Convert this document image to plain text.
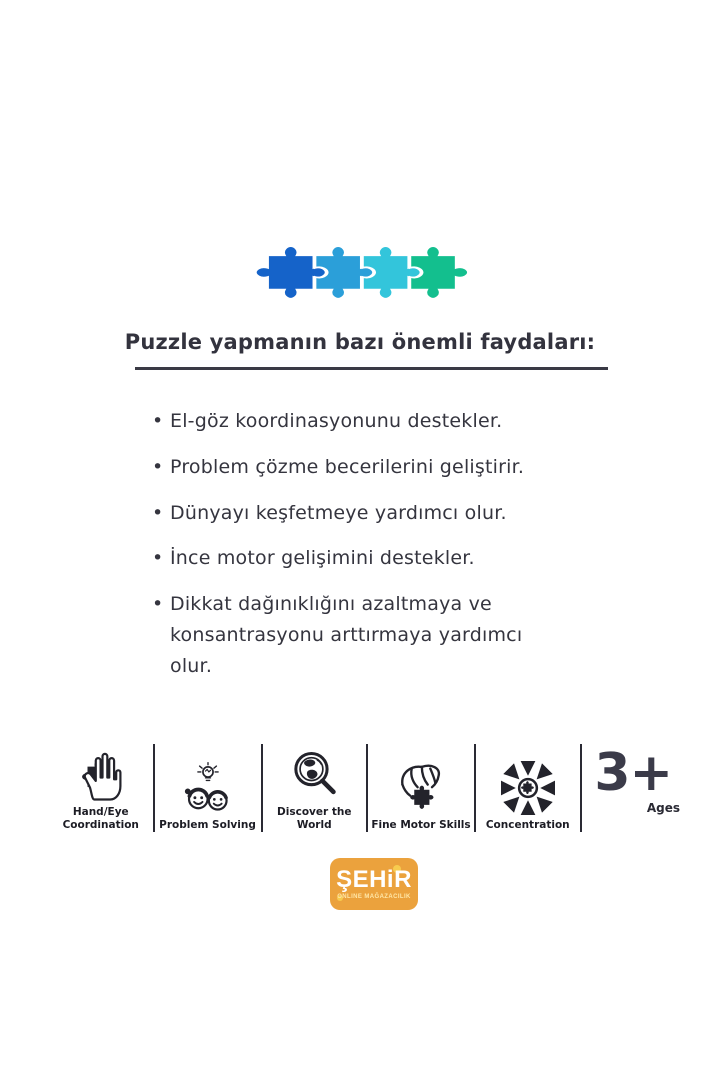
Puzzle yapmanın bazı önemli faydaları:
• El-göz koordinasyonunu destekler.
• Problem çözme becerilerini geliştirir.
• Dünyayı keşfetmeye yardımcı olur.
• İnce motor gelişimini destekler.
• Dikkat dağınıklığını azaltmaya ve konsantrasyonu arttırmaya yardımcı olur.
Hand/Eye Coordination	Problem Solving
Discover the World	Fine Motor Skills	Concentration
3+
Ages
ŞEHiR
ONLINE MAĞAZACILIK
